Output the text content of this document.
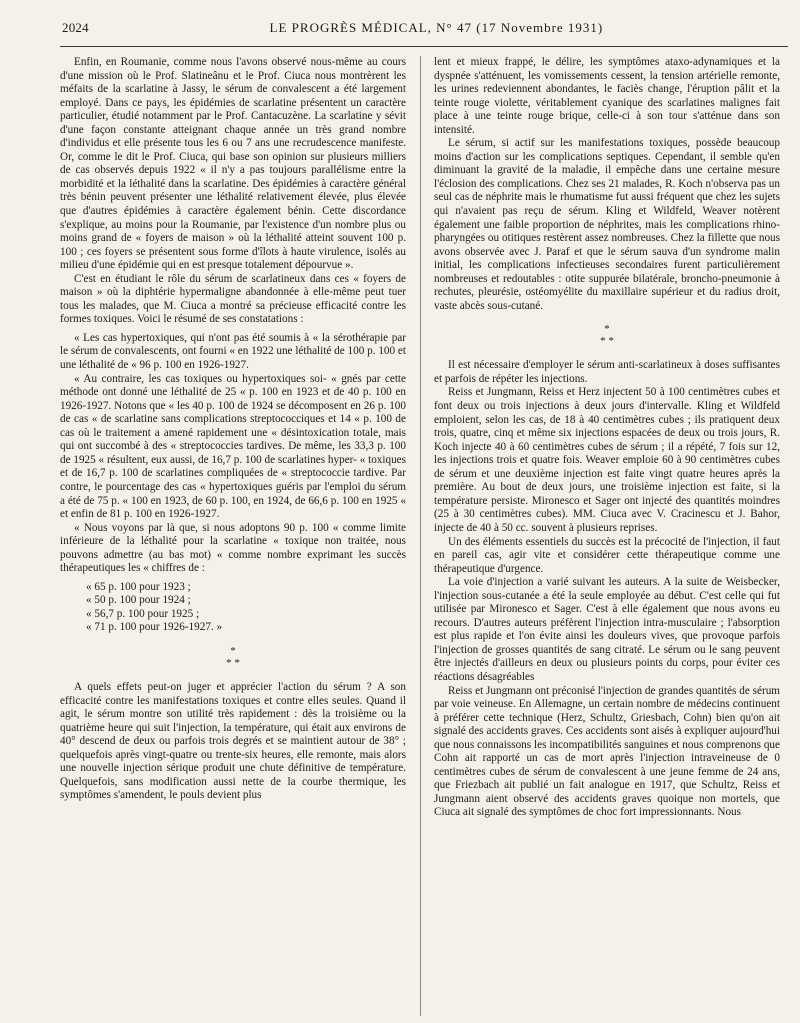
2024	LE PROGRÈS MÉDICAL, N° 47 (17 Novembre 1931)

Enfin, en Roumanie, comme nous l'avons observé nous-même au cours d'une mission où le Prof. Slatineânu et le Prof. Ciuca nous montrèrent les méfaits de la scarlatine à Jassy, le sérum de convalescent a été largement employé. Dans ce pays, les épidémies de scarlatine présentent un caractère particulier, étudié notamment par le Prof. Cantacuzène. La scarlatine y sévit d'une façon constante atteignant chaque année un très grand nombre d'individus et elle présente tous les 6 ou 7 ans une recrudescence manifeste. Or, comme le dit le Prof. Ciuca, qui base son opinion sur plusieurs milliers de cas observés depuis 1922 « il n'y a pas toujours parallélisme entre la morbidité et la léthalité dans la scarlatine. Des épidémies à caractère général très bénin peuvent présenter une léthalité relativement élevée, plus élevée que d'autres épidémies à caractère également bénin. Cette discordance s'explique, au moins pour la Roumanie, par l'existence d'un nombre plus ou moins grand de « foyers de maison » où la léthalité atteint souvent 100 p. 100 ; ces foyers se présentent sous forme d'îlots à haute virulence, isolés au milieu d'une épidémie qui en est presque totalement dépourvue ».

C'est en étudiant le rôle du sérum de scarlatineux dans ces « foyers de maison » où la diphtérie hypermaligne abandonnée à elle-même peut tuer tous les malades, que M. Ciuca a montré sa précieuse efficacité contre les formes toxiques. Voici le résumé de ses constatations :

« Les cas hypertoxiques, qui n'ont pas été soumis à « la sérothérapie par le sérum de convalescents, ont fourni « en 1922 une léthalité de 100 p. 100 et une léthalité de « 96 p. 100 en 1926-1927.

« Au contraire, les cas toxiques ou hypertoxiques soi- « gnés par cette méthode ont donné une léthalité de 25 « p. 100 en 1923 et de 40 p. 100 en 1926-1927. Notons que « les 40 p. 100 de 1924 se décomposent en 26 p. 100 de cas « de scarlatine sans complications streptococciques et 14 « p. 100 de cas où le traitement a amené rapidement une « désintoxication totale, mais qui ont succombé à des « streptococcies tardives. De même, les 33,3 p. 100 de 1925 « résultent, eux aussi, de 16,7 p. 100 de scarlatines hyper- « toxiques et de 16,7 p. 100 de scarlatines compliquées de « streptococcie tardive. Par contre, le pourcentage des cas « hypertoxiques guéris par l'emploi du sérum a été de 75 p. « 100 en 1923, de 60 p. 100, en 1924, de 66,6 p. 100 en 1925 « et enfin de 81 p. 100 en 1926-1927.

« Nous voyons par là que, si nous adoptons 90 p. 100 « comme limite inférieure de la léthalité pour la scarlatine « toxique non traitée, nous pouvons admettre (au bas mot) « comme nombre exprimant les succès thérapeutiques les « chiffres de :

« 65 p. 100 pour 1923 ;

« 50 p. 100 pour 1924 ;

« 56,7 p. 100 pour 1925 ;

« 71 p. 100 pour 1926-1927. »

*
* *

A quels effets peut-on juger et apprécier l'action du sérum ? A son efficacité contre les manifestations toxiques et contre elles seules. Quand il agit, le sérum montre son utilité très rapidement : dès la troisième ou la quatrième heure qui suit l'injection, la température, qui était aux environs de 40° descend de deux ou parfois trois degrés et se maintient autour de 38° ; quelquefois après vingt-quatre ou trente-six heures, elle remonte, mais alors une nouvelle injection sérique produit une chute définitive de température. Quelquefois, sans modification aussi nette de la courbe thermique, les symptômes s'amendent, le pouls devient plus

lent et mieux frappé, le délire, les symptômes ataxo-adynamiques et la dyspnée s'atténuent, les vomissements cessent, la tension artérielle remonte, les urines redeviennent abondantes, le faciès change, l'éruption pâlit et la teinte rouge violette, véritablement cyanique des scarlatines malignes fait place à une teinte rouge brique, celle-ci à son tour s'atténue dans son intensité.

Le sérum, si actif sur les manifestations toxiques, possède beaucoup moins d'action sur les complications septiques. Cependant, il semble qu'en diminuant la gravité de la maladie, il empêche dans une certaine mesure l'éclosion des complications. Chez ses 21 malades, R. Koch n'observa pas un seul cas de néphrite mais le rhumatisme fut aussi fréquent que chez les sujets qui n'avaient pas reçu de sérum. Kling et Wildfeld, Weaver notèrent également une faible proportion de néphrites, mais les complications rhino-pharyngées ou otitiques restèrent assez nombreuses. Chez la fillette que nous avons observée avec J. Paraf et que le sérum sauva d'un syndrome malin initial, les complications infectieuses secondaires furent particulièrement nombreuses et redoutables : otite suppurée bilatérale, broncho-pneumonie à rechutes, pleurésie, ostéomyélite du maxillaire supérieur et du radius droit, vaste abcès sous-cutané.

*
* *

Il est nécessaire d'employer le sérum anti-scarlatineux à doses suffisantes et parfois de répéter les injections.

Reiss et Jungmann, Reiss et Herz injectent 50 à 100 centimètres cubes et font deux ou trois injections à deux jours d'intervalle. Kling et Wildfeld emploient, selon les cas, de 18 à 40 centimètres cubes ; ils pratiquent deux trois, quatre, cinq et même six injections espacées de deux ou trois jours, R. Koch injecte 40 à 60 centimètres cubes de sérum ; il a répété, 7 fois sur 12, les injections trois et quatre fois. Weaver emploie 60 à 90 centimètres cubes de sérum et une deuxième injection est faite vingt quatre heures après la première. Au bout de deux jours, une troisième injection est faite, si la température persiste. Mironesco et Sager ont injecté des quantités moindres (25 à 30 centimètres cubes). MM. Ciuca avec V. Cracinescu et J. Bahor, injecte de 40 à 50 cc. souvent à plusieurs reprises.

Un des éléments essentiels du succès est la précocité de l'injection, il faut en pareil cas, agir vite et considérer cette thérapeutique comme une thérapeutique d'urgence.

La voie d'injection a varié suivant les auteurs. A la suite de Weisbecker, l'injection sous-cutanée a été la seule employée au début. C'est celle qui fut utilisée par Mironesco et Sager. C'est à elle également que nous avons eu recours. D'autres auteurs préfèrent l'injection intra-musculaire ; l'absorption est plus rapide et l'on évite ainsi les douleurs vives, que provoque parfois l'injection de grosses quantités de sang citraté. Le sérum ou le sang peuvent être injectés d'ailleurs en deux ou plusieurs points du corps, pour éviter ces réactions désagréables

Reiss et Jungmann ont préconisé l'injection de grandes quantités de sérum par voie veineuse. En Allemagne, un certain nombre de médecins continuent à préférer cette technique (Herz, Schultz, Griesbach, Cohn) bien qu'on ait signalé des accidents graves. Ces accidents sont aisés à expliquer aujourd'hui que nous connaissons les incompatibilités sanguines et nous comprenons que Cohn ait rapporté un cas de mort après l'injection intraveineuse de 0 centimètres cubes de sérum de convalescent à une jeune femme de 24 ans, que Friezbach ait publié un fait analogue en 1917, que Schultz, Reiss et Jungmann aient observé des accidents graves quoique non mortels, que Ciuca ait signalé des symptômes de choc fort impressionnants. Nous
